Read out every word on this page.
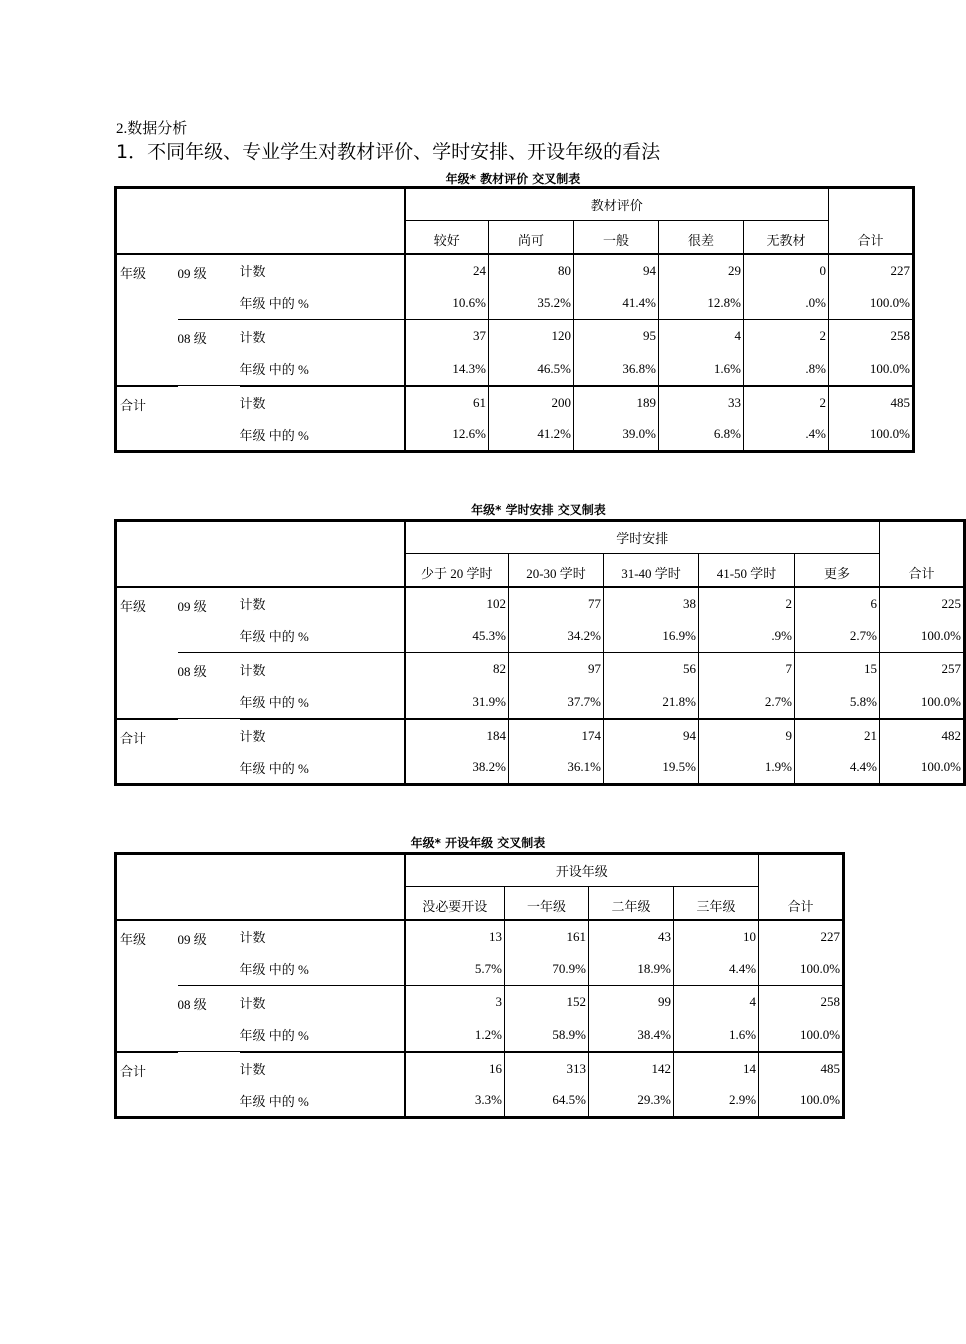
2.数据分析
1．不同年级、专业学生对教材评价、学时安排、开设年级的看法
年级* 教材评价 交叉制表
			教材评价					合计
			较好	尚可	一般	很差	无教材	
年级	09 级	计数	24	80	94	29	0	227
		年级 中的 %	10.6%	35.2%	41.4%	12.8%	.0%	100.0%
	08 级	计数	37	120	95	4	2	258
		年级 中的 %	14.3%	46.5%	36.8%	1.6%	.8%	100.0%
合计		计数	61	200	189	33	2	485
		年级 中的 %	12.6%	41.2%	39.0%	6.8%	.4%	100.0%
年级* 学时安排 交叉制表
			学时安排					合计
			少于 20 学时	20-30 学时	31-40 学时	41-50 学时	更多	
年级	09 级	计数	102	77	38	2	6	225
		年级 中的 %	45.3%	34.2%	16.9%	.9%	2.7%	100.0%
	08 级	计数	82	97	56	7	15	257
		年级 中的 %	31.9%	37.7%	21.8%	2.7%	5.8%	100.0%
合计		计数	184	174	94	9	21	482
		年级 中的 %	38.2%	36.1%	19.5%	1.9%	4.4%	100.0%
年级* 开设年级 交叉制表
			开设年级				合计
			没必要开设	一年级	二年级	三年级	
年级	09 级	计数	13	161	43	10	227
		年级 中的 %	5.7%	70.9%	18.9%	4.4%	100.0%
	08 级	计数	3	152	99	4	258
		年级 中的 %	1.2%	58.9%	38.4%	1.6%	100.0%
合计		计数	16	313	142	14	485
		年级 中的 %	3.3%	64.5%	29.3%	2.9%	100.0%
